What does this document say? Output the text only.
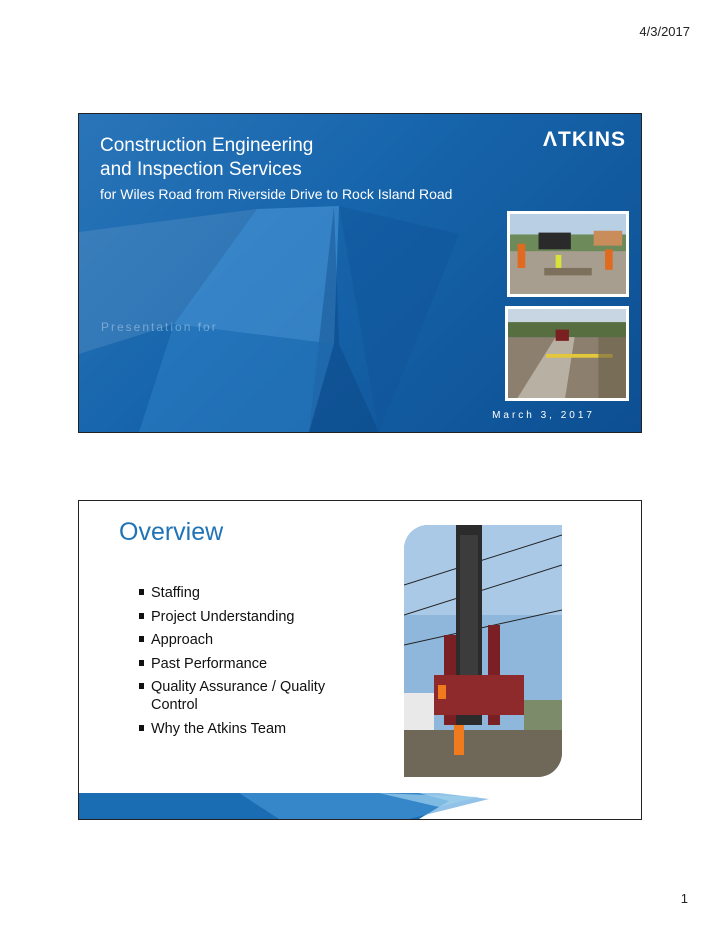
4/3/2017
Construction Engineering
and Inspection Services
for Wiles Road from Riverside Drive to Rock Island Road
ΛTKINS
Presentation for
March 3, 2017
Overview
Staffing
Project Understanding
Approach
Past Performance
Quality Assurance / Quality Control
Why the Atkins Team
1
